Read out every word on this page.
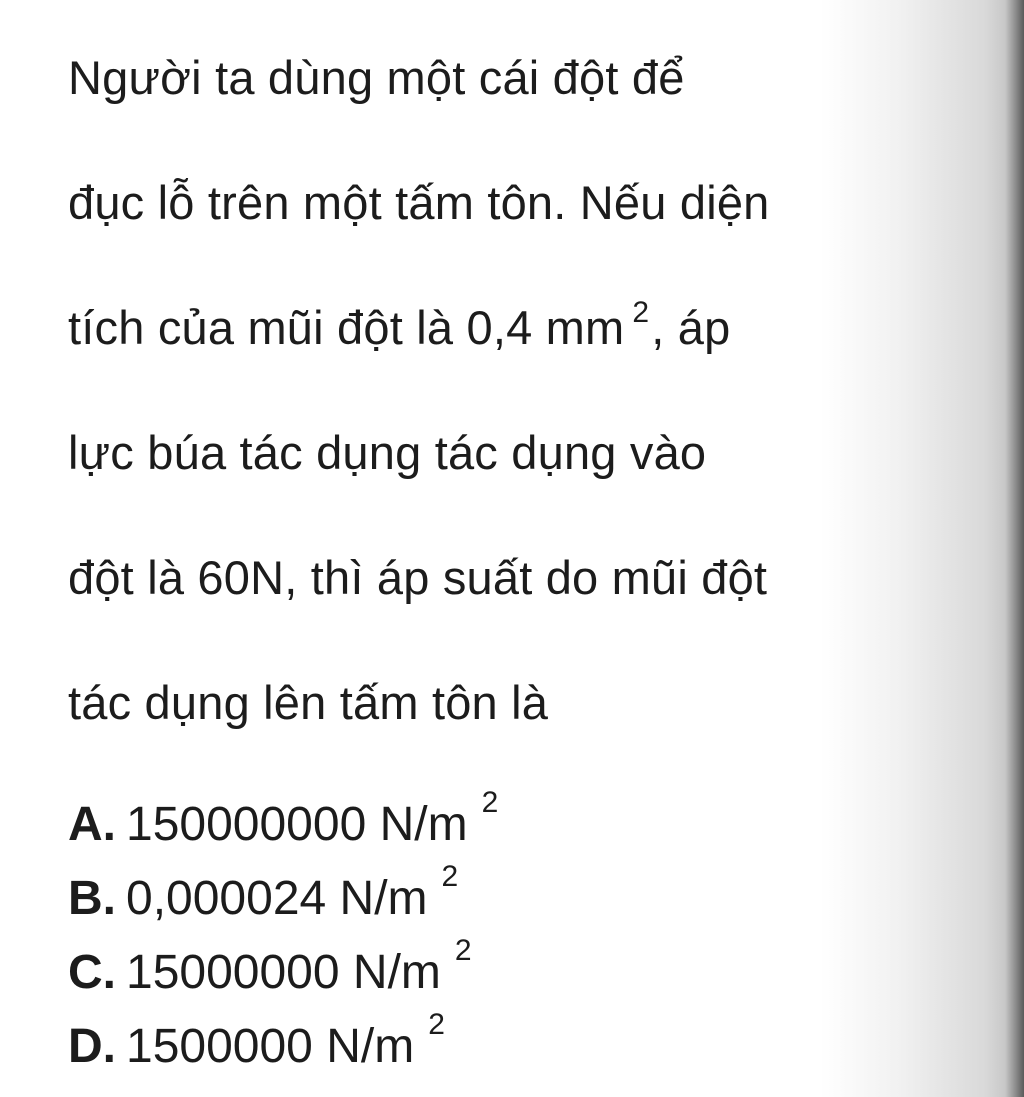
Người ta dùng một cái đột để
đục lỗ trên một tấm tôn. Nếu diện
tích của mũi đột là 0,4 mm 2, áp
lực búa tác dụng tác dụng vào
đột là 60N, thì áp suất do mũi đột
tác dụng lên tấm tôn là
A. 150000000 N/m 2
B. 0,000024 N/m 2
C. 15000000 N/m 2
D. 1500000 N/m 2
